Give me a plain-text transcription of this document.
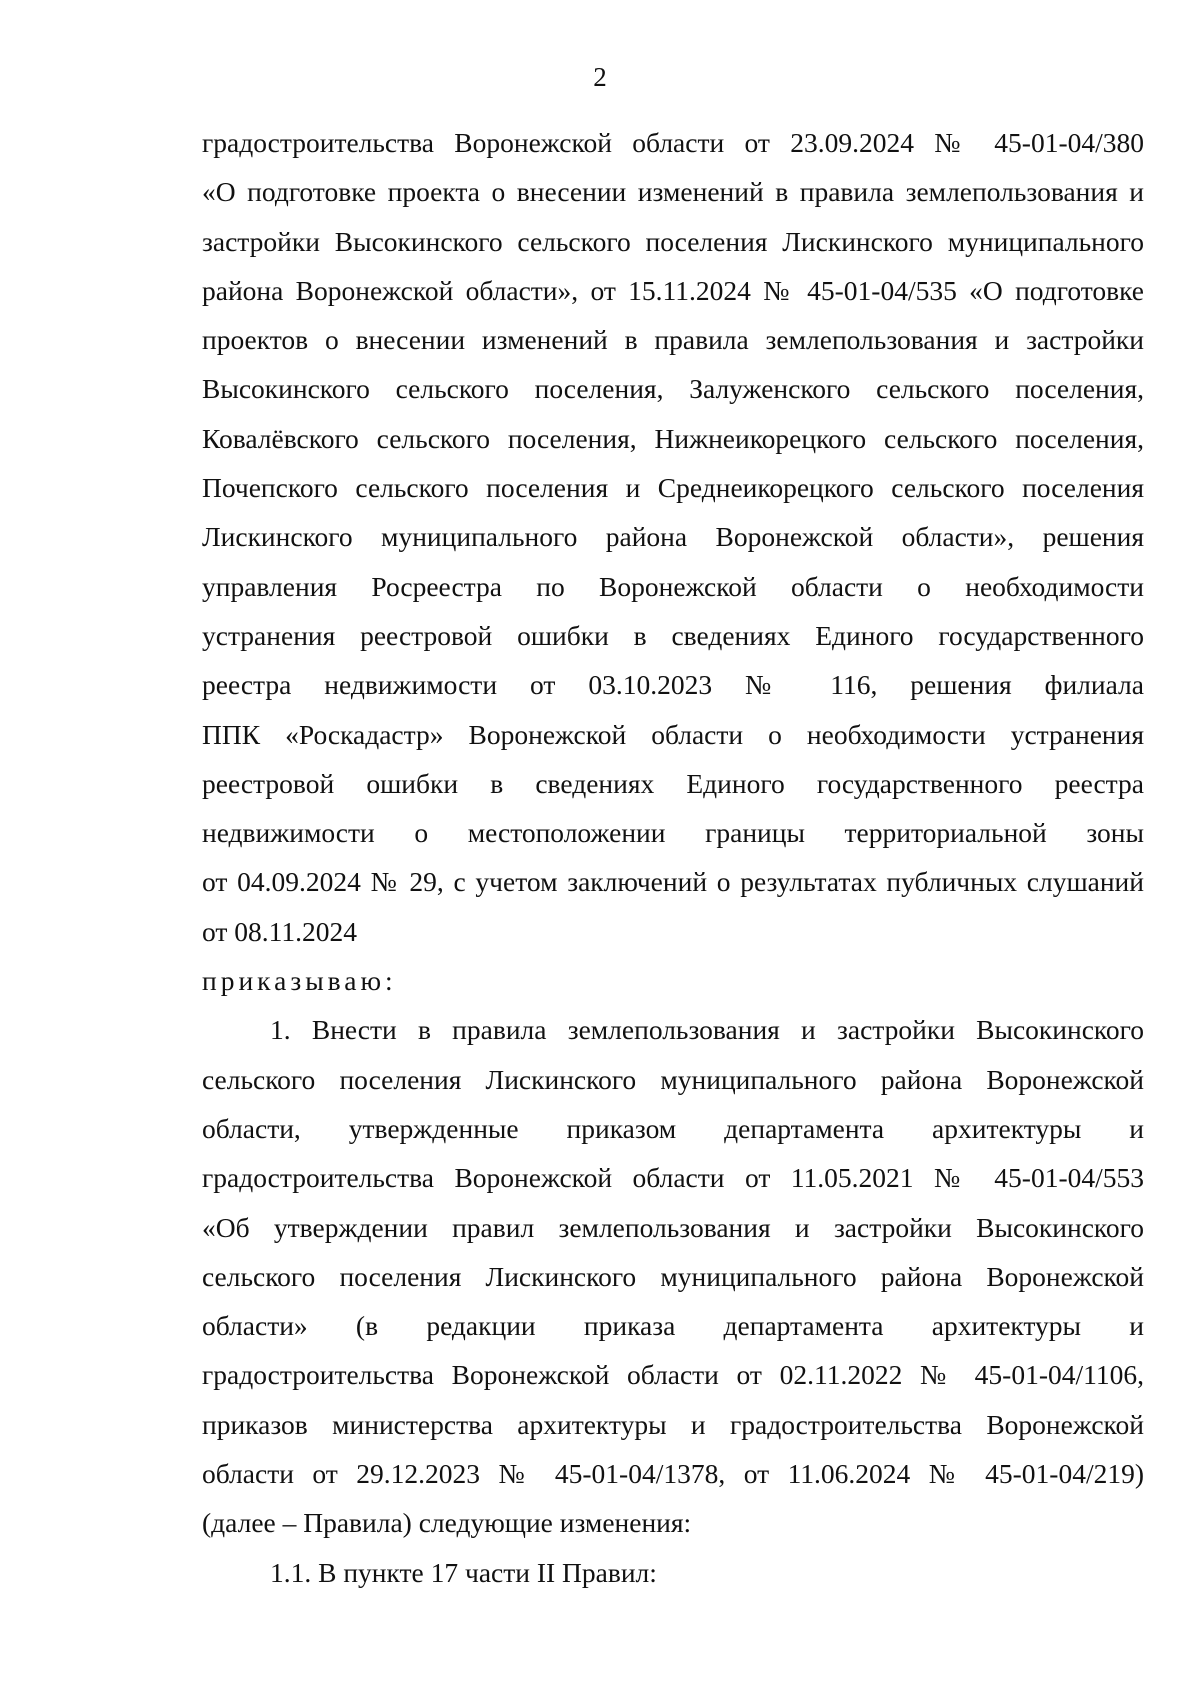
2
градостроительства Воронежской области от 23.09.2024 № 45-01-04/380
«О подготовке проекта о внесении изменений в правила землепользования и
застройки Высокинского сельского поселения Лискинского муниципального
района Воронежской области», от 15.11.2024 № 45-01-04/535 «О подготовке
проектов о внесении изменений в правила землепользования и застройки
Высокинского сельского поселения, Залуженского сельского поселения,
Ковалёвского сельского поселения, Нижнеикорецкого сельского поселения,
Почепского сельского поселения и Среднеикорецкого сельского поселения
Лискинского муниципального района Воронежской области», решения
управления Росреестра по Воронежской области о необходимости
устранения реестровой ошибки в сведениях Единого государственного
реестра недвижимости от 03.10.2023 № 116, решения филиала
ППК «Роскадастр» Воронежской области о необходимости устранения
реестровой ошибки в сведениях Единого государственного реестра
недвижимости о местоположении границы территориальной зоны
от 04.09.2024 № 29, с учетом заключений о результатах публичных слушаний
от 08.11.2024
приказываю:
1. Внести в правила землепользования и застройки Высокинского
сельского поселения Лискинского муниципального района Воронежской
области, утвержденные приказом департамента архитектуры и
градостроительства Воронежской области от 11.05.2021 № 45-01-04/553
«Об утверждении правил землепользования и застройки Высокинского
сельского поселения Лискинского муниципального района Воронежской
области» (в редакции приказа департамента архитектуры и
градостроительства Воронежской области от 02.11.2022 № 45-01-04/1106,
приказов министерства архитектуры и градостроительства Воронежской
области от 29.12.2023 № 45-01-04/1378, от 11.06.2024 № 45-01-04/219)
(далее – Правила) следующие изменения:
1.1. В пункте 17 части II Правил:
